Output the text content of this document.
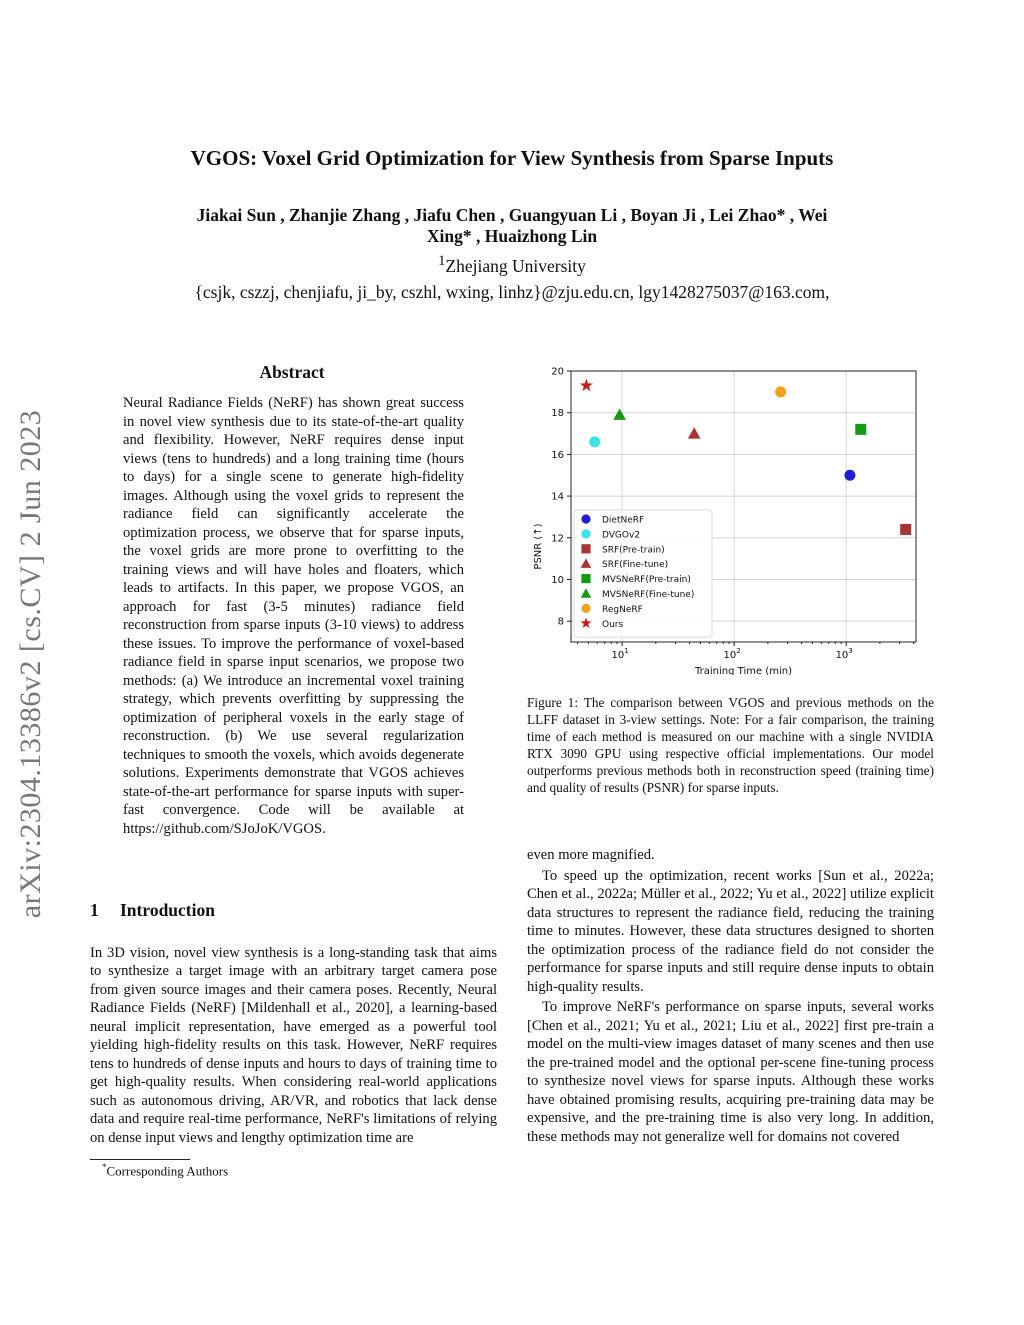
VGOS: Voxel Grid Optimization for View Synthesis from Sparse Inputs
Jiakai Sun , Zhanjie Zhang , Jiafu Chen , Guangyuan Li , Boyan Ji , Lei Zhao* , Wei
Xing* , Huaizhong Lin
$^1$Zhejiang University
{csjk, cszzj, chenjiafu, ji_by, cszhl, wxing, linhz}@zju.edu.cn, lgy1428275037@163.com,
arXiv:2304.13386v2 [cs.CV] 2 Jun 2023
Abstract

Neural Radiance Fields (NeRF) has shown great success in novel view synthesis due to its state-of-the-art quality and flexibility. However, NeRF requires dense input views (tens to hundreds) and a long training time (hours to days) for a single scene to generate high-fidelity images. Although using the voxel grids to represent the radiance field can significantly accelerate the optimization process, we observe that for sparse inputs, the voxel grids are more prone to overfitting to the training views and will have holes and floaters, which leads to artifacts. In this paper, we propose VGOS, an approach for fast (3-5 minutes) radiance field reconstruction from sparse inputs (3-10 views) to address these issues. To improve the performance of voxel-based radiance field in sparse input scenarios, we propose two methods: (a) We introduce an incremental voxel training strategy, which prevents overfitting by suppressing the optimization of peripheral voxels in the early stage of reconstruction. (b) We use several regularization techniques to smooth the voxels, which avoids degenerate solutions. Experiments demonstrate that VGOS achieves state-of-the-art performance for sparse inputs with super-fast convergence. Code will be available at https://github.com/SJoJoK/VGOS.

1 Introduction

In 3D vision, novel view synthesis is a long-standing task that aims to synthesize a target image with an arbitrary target camera pose from given source images and their camera poses. Recently, Neural Radiance Fields (NeRF) [Mildenhall et al., 2020], a learning-based neural implicit representation, have emerged as a powerful tool yielding high-fidelity results on this task. However, NeRF requires tens to hundreds of dense inputs and hours to days of training time to get high-quality results. When considering real-world applications such as autonomous driving, AR/VR, and robotics that lack dense data and require real-time performance, NeRF's limitations of relying on dense input views and lengthy optimization time are

*Corresponding Authors
8
10
12
14
16
18
20
$10^1$	$10^2$	$10^3$
Training Time (min)
PSNR (↑)
DietNeRF
DVGOv2
SRF(Pre-train)
SRF(Fine-tune)
MVSNeRF(Pre-train)
MVSNeRF(Fine-tune)
RegNeRF
Ours
Figure 1: The comparison between VGOS and previous methods on the LLFF dataset in 3-view settings. Note: For a fair comparison, the training time of each method is measured on our machine with a single NVIDIA RTX 3090 GPU using respective official implementations. Our model outperforms previous methods both in reconstruction speed (training time) and quality of results (PSNR) for sparse inputs.

even more magnified.

To speed up the optimization, recent works [Sun et al., 2022a; Chen et al., 2022a; Müller et al., 2022; Yu et al., 2022] utilize explicit data structures to represent the radiance field, reducing the training time to minutes. However, these data structures designed to shorten the optimization process of the radiance field do not consider the performance for sparse inputs and still require dense inputs to obtain high-quality results.

To improve NeRF's performance on sparse inputs, several works [Chen et al., 2021; Yu et al., 2021; Liu et al., 2022] first pre-train a model on the multi-view images dataset of many scenes and then use the pre-trained model and the optional per-scene fine-tuning process to synthesize novel views for sparse inputs. Although these works have obtained promising results, acquiring pre-training data may be expensive, and the pre-training time is also very long. In addition, these methods may not generalize well for domains not covered
